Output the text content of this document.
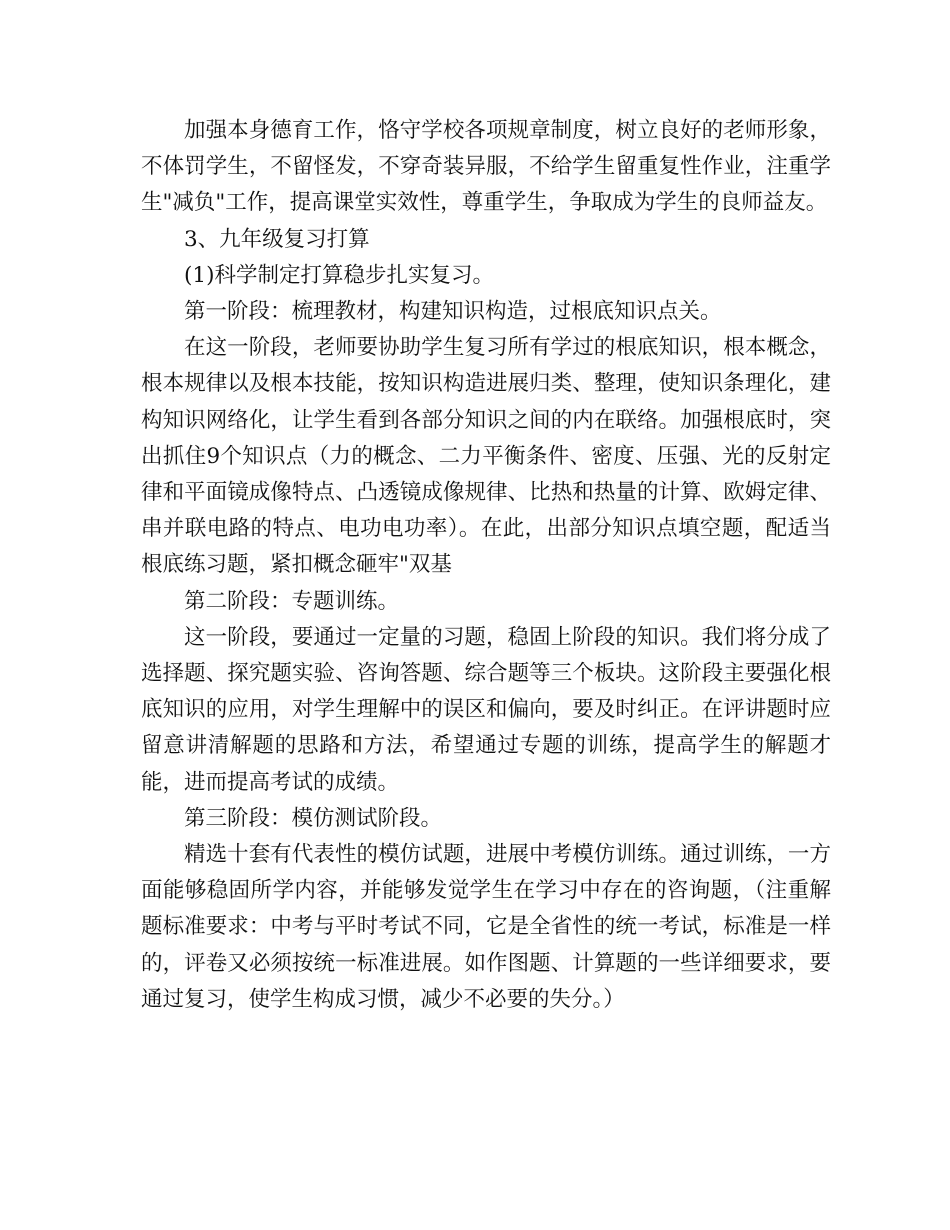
加强本身德育工作，恪守学校各项规章制度，树立良好的老师形象，不体罚学生，不留怪发，不穿奇装异服，不给学生留重复性作业，注重学生"减负"工作，提高课堂实效性，尊重学生，争取成为学生的良师益友。

3、九年级复习打算

(1)科学制定打算稳步扎实复习。

第一阶段：梳理教材，构建知识构造，过根底知识点关。

在这一阶段，老师要协助学生复习所有学过的根底知识，根本概念，根本规律以及根本技能，按知识构造进展归类、整理，使知识条理化，建构知识网络化，让学生看到各部分知识之间的内在联络。加强根底时，突出抓住9个知识点（力的概念、二力平衡条件、密度、压强、光的反射定律和平面镜成像特点、凸透镜成像规律、比热和热量的计算、欧姆定律、串并联电路的特点、电功电功率）。在此，出部分知识点填空题，配适当根底练习题，紧扣概念砸牢"双基

第二阶段：专题训练。

这一阶段，要通过一定量的习题，稳固上阶段的知识。我们将分成了选择题、探究题实验、咨询答题、综合题等三个板块。这阶段主要强化根底知识的应用，对学生理解中的误区和偏向，要及时纠正。在评讲题时应留意讲清解题的思路和方法，希望通过专题的训练，提高学生的解题才能，进而提高考试的成绩。

第三阶段：模仿测试阶段。

精选十套有代表性的模仿试题，进展中考模仿训练。通过训练，一方面能够稳固所学内容，并能够发觉学生在学习中存在的咨询题，（注重解题标准要求：中考与平时考试不同，它是全省性的统一考试，标准是一样的，评卷又必须按统一标准进展。如作图题、计算题的一些详细要求，要通过复习，使学生构成习惯，减少不必要的失分。）
